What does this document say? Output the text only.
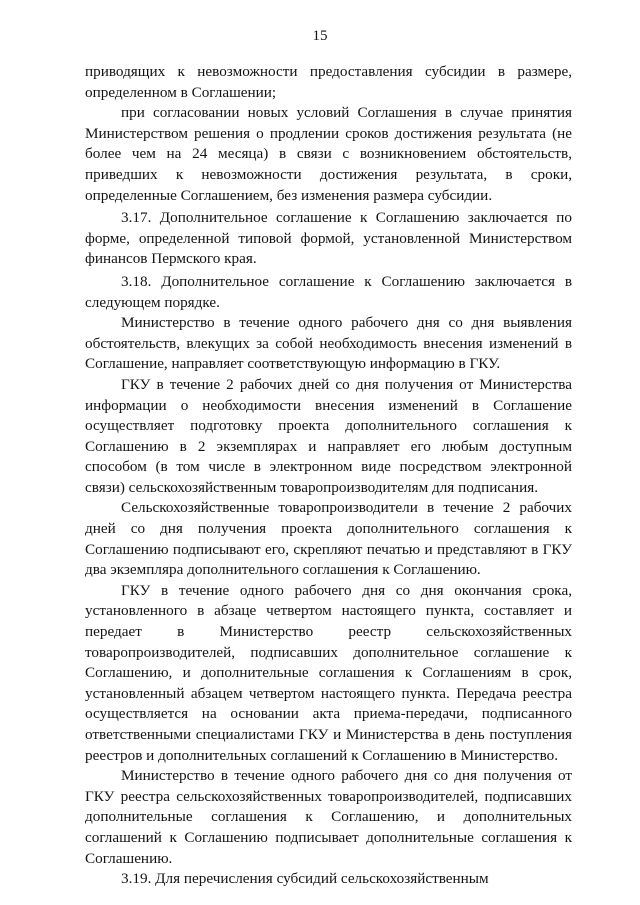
15

приводящих к невозможности предоставления субсидии в размере, определенном в Соглашении;

при согласовании новых условий Соглашения в случае принятия Министерством решения о продлении сроков достижения результата (не более чем на 24 месяца) в связи с возникновением обстоятельств, приведших к невозможности достижения результата, в сроки, определенные Соглашением, без изменения размера субсидии.

3.17. Дополнительное соглашение к Соглашению заключается по форме, определенной типовой формой, установленной Министерством финансов Пермского края.

3.18. Дополнительное соглашение к Соглашению заключается в следующем порядке.

Министерство в течение одного рабочего дня со дня выявления обстоятельств, влекущих за собой необходимость внесения изменений в Соглашение, направляет соответствующую информацию в ГКУ.

ГКУ в течение 2 рабочих дней со дня получения от Министерства информации о необходимости внесения изменений в Соглашение осуществляет подготовку проекта дополнительного соглашения к Соглашению в 2 экземплярах и направляет его любым доступным способом (в том числе в электронном виде посредством электронной связи) сельскохозяйственным товаропроизводителям для подписания.

Сельскохозяйственные товаропроизводители в течение 2 рабочих дней со дня получения проекта дополнительного соглашения к Соглашению подписывают его, скрепляют печатью и представляют в ГКУ два экземпляра дополнительного соглашения к Соглашению.

ГКУ в течение одного рабочего дня со дня окончания срока, установленного в абзаце четвертом настоящего пункта, составляет и передает в Министерство реестр сельскохозяйственных товаропроизводителей, подписавших дополнительное соглашение к Соглашению, и дополнительные соглашения к Соглашениям в срок, установленный абзацем четвертом настоящего пункта. Передача реестра осуществляется на основании акта приема-передачи, подписанного ответственными специалистами ГКУ и Министерства в день поступления реестров и дополнительных соглашений к Соглашению в Министерство.

Министерство в течение одного рабочего дня со дня получения от ГКУ реестра сельскохозяйственных товаропроизводителей, подписавших дополнительные соглашения к Соглашению, и дополнительных соглашений к Соглашению подписывает дополнительные соглашения к Соглашению.

3.19. Для перечисления субсидий сельскохозяйственным
